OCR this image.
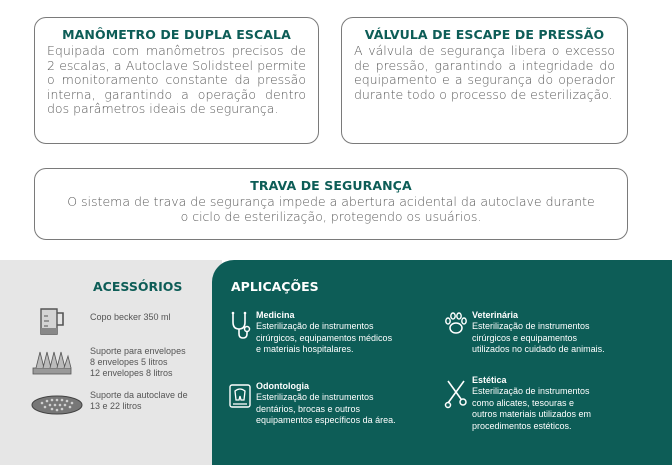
MANÔMETRO DE DUPLA ESCALA

Equipada com manômetros precisos de 2 escalas, a Autoclave Solidsteel permite o monitoramento constante da pressão interna, garantindo a operação dentro dos parâmetros ideais de segurança.

VÁLVULA DE ESCAPE DE PRESSÃO

A válvula de segurança libera o excesso de pressão, garantindo a integridade do equipamento e a segurança do operador durante todo o processo de esterilização.

TRAVA DE SEGURANÇA

O sistema de trava de segurança impede a abertura acidental da autoclave durante o ciclo de esterilização, protegendo os usuários.

ACESSÓRIOS
Copo becker 350 ml
Suporte para envelopes
8 envelopes 5 litros
12 envelopes 8 litros
Suporte da autoclave de
13 e 22 litros
APLICAÇÕES
Medicina
Esterilização de instrumentos
cirúrgicos, equipamentos médicos
e materiais hospitalares.
Veterinária
Esterilização de instrumentos
cirúrgicos e equipamentos
utilizados no cuidado de animais.
Odontologia
Esterilização de instrumentos
dentários, brocas e outros
equipamentos específicos da área.
Estética
Esterilização de instrumentos
como alicates, tesouras e
outros materiais utilizados em
procedimentos estéticos.
